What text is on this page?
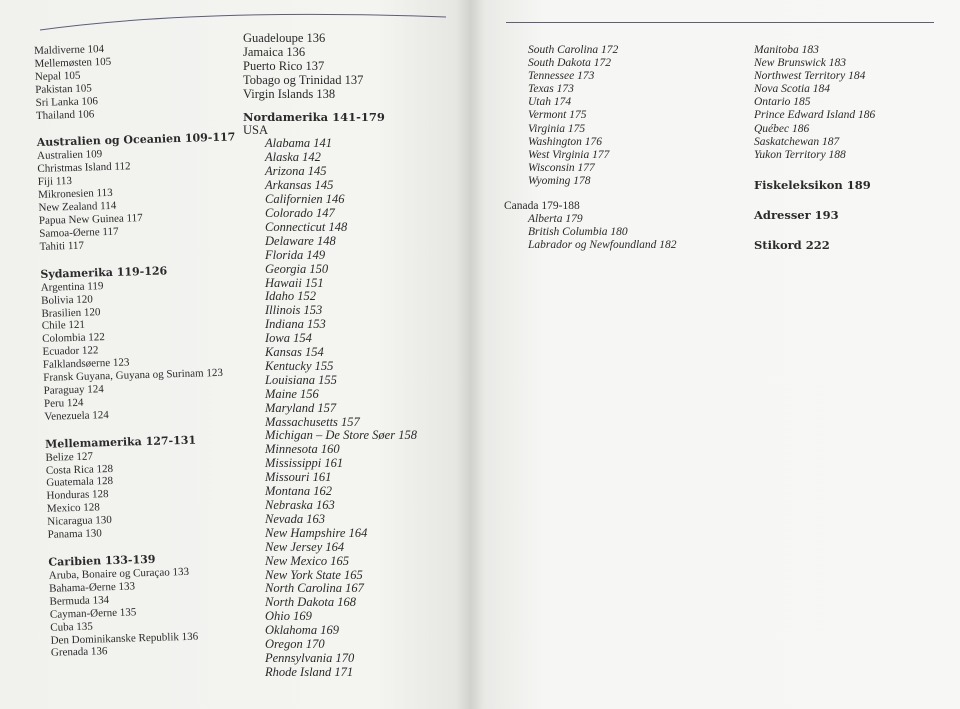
Maldiverne 104
Mellemøsten 105
Nepal 105
Pakistan 105
Sri Lanka 106
Thailand 106
Australien og Oceanien 109-117
Australien 109
Christmas Island 112
Fiji 113
Mikronesien 113
New Zealand 114
Papua New Guinea 117
Samoa-Øerne 117
Tahiti 117
Sydamerika 119-126
Argentina 119
Bolivia 120
Brasilien 120
Chile 121
Colombia 122
Ecuador 122
Falklandsøerne 123
Fransk Guyana, Guyana og Surinam 123
Paraguay 124
Peru 124
Venezuela 124
Mellemamerika 127-131
Belize 127
Costa Rica 128
Guatemala 128
Honduras 128
Mexico 128
Nicaragua 130
Panama 130
Caribien 133-139
Aruba, Bonaire og Curaçao 133
Bahama-Øerne 133
Bermuda 134
Cayman-Øerne 135
Cuba 135
Den Dominikanske Republik 136
Grenada 136
Guadeloupe 136
Jamaica 136
Puerto Rico 137
Tobago og Trinidad 137
Virgin Islands 138
Nordamerika 141-179
USA
Alabama 141
Alaska 142
Arizona 145
Arkansas 145
Californien 146
Colorado 147
Connecticut 148
Delaware 148
Florida 149
Georgia 150
Hawaii 151
Idaho 152
Illinois 153
Indiana 153
Iowa 154
Kansas 154
Kentucky 155
Louisiana 155
Maine 156
Maryland 157
Massachusetts 157
Michigan – De Store Søer 158
Minnesota 160
Mississippi 161
Missouri 161
Montana 162
Nebraska 163
Nevada 163
New Hampshire 164
New Jersey 164
New Mexico 165
New York State 165
North Carolina 167
North Dakota 168
Ohio 169
Oklahoma 169
Oregon 170
Pennsylvania 170
Rhode Island 171
South Carolina 172
South Dakota 172
Tennessee 173
Texas 173
Utah 174
Vermont 175
Virginia 175
Washington 176
West Virginia 177
Wisconsin 177
Wyoming 178
Canada 179-188
Alberta 179
British Columbia 180
Labrador og Newfoundland 182
Manitoba 183
New Brunswick 183
Northwest Territory 184
Nova Scotia 184
Ontario 185
Prince Edward Island 186
Québec 186
Saskatchewan 187
Yukon Territory 188
Fiskeleksikon 189
Adresser 193
Stikord 222
